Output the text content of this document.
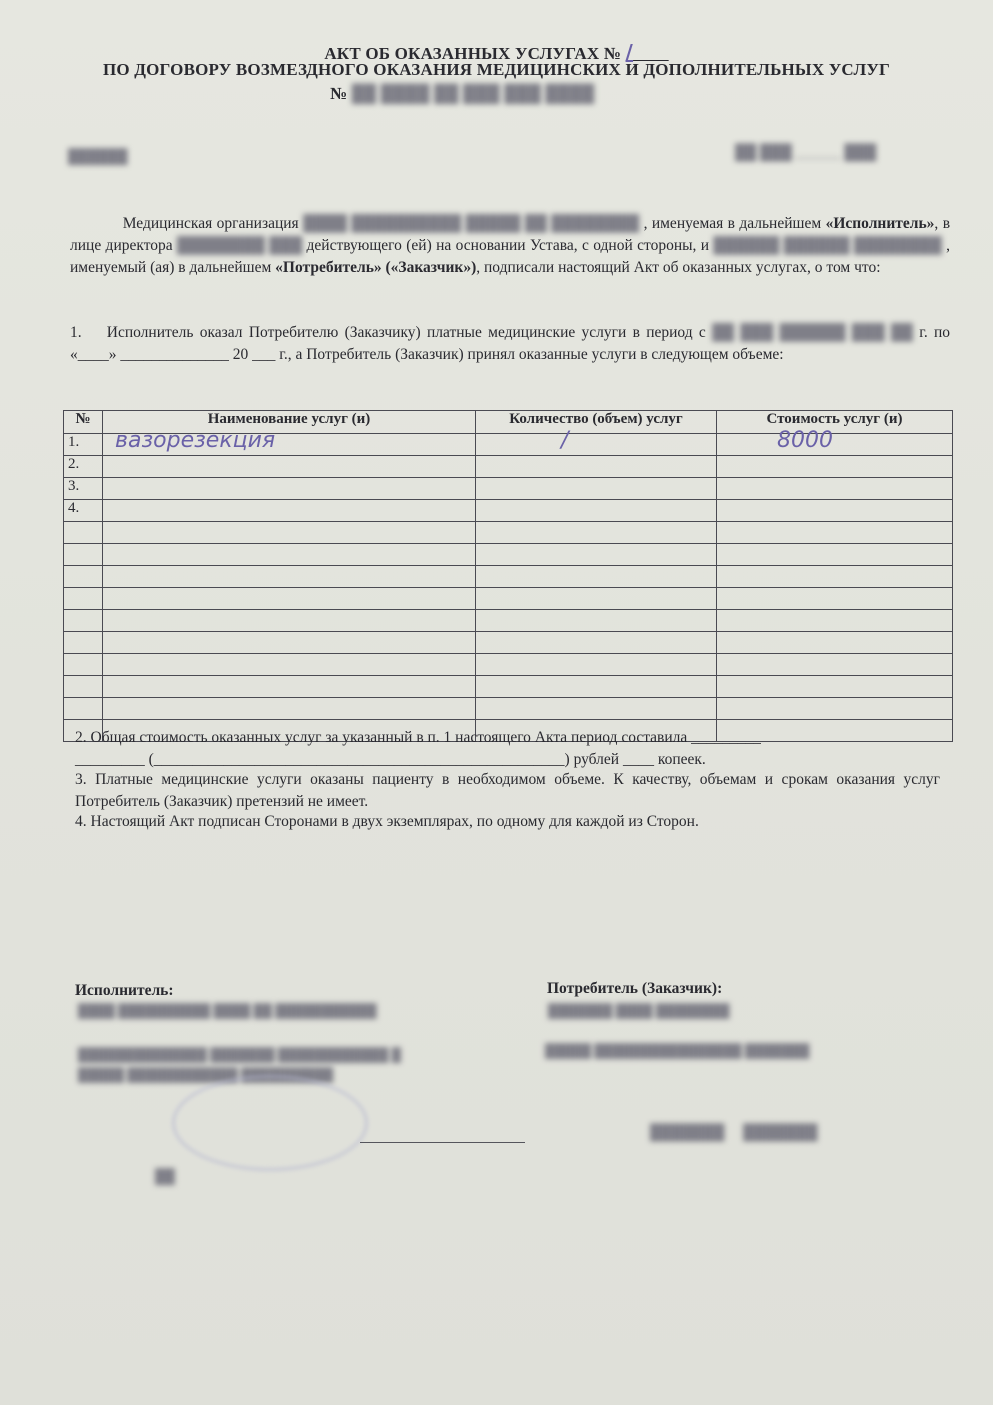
АКТ ОБ ОКАЗАННЫХ УСЛУГАХ № /
ПО ДОГОВОРУ ВОЗМЕЗДНОГО ОКАЗАНИЯ МЕДИЦИНСКИХ И ДОПОЛНИТЕЛЬНЫХ УСЛУГ
№ ██ ████ ██ ███ ███ ████
██████	██ ███ ______ ███
Медицинская организация ████ ██████████ █████ ██ ████████ , именуемая в дальнейшем «Исполнитель», в лице директора ████████ ███ действующего (ей) на основании Устава, с одной стороны, и ██████ ██████ ████████ , именуемый (ая) в дальнейшем «Потребитель» («Заказчик»), подписали настоящий Акт об оказанных услугах, о том что:
1. Исполнитель оказал Потребителю (Заказчику) платные медицинские услуги в период с ██ ███ ██████ ███ ██ г. по «____» ______________ 20 ___ г., а Потребитель (Заказчик) принял оказанные услуги в следующем объеме:
№	Наименование услуг (и)	Количество (объем) услуг	Стоимость услуг (и)
1.	вазорезекция	/	8000

2.			
3.			
4.			

2. Общая стоимость оказанных услуг за указанный в п. 1 настоящего Акта период составила _________
_________ (_____________________________________________________) рублей ____ копеек.
3. Платные медицинские услуги оказаны пациенту в необходимом объеме. К качеству, объемам и срокам оказания услуг Потребитель (Заказчик) претензий не имеет.
4. Настоящий Акт подписан Сторонами в двух экземплярах, по одному для каждой из Сторон.
Исполнитель:	Потребитель (Заказчик):
████ ██████████ ████ ██ ███████████
██████████████ ███████ ████████████ █
█████ ████████████ ██████████
██
███████ ████ ████████
█████ ████████████████ ███████
███████     ███████
